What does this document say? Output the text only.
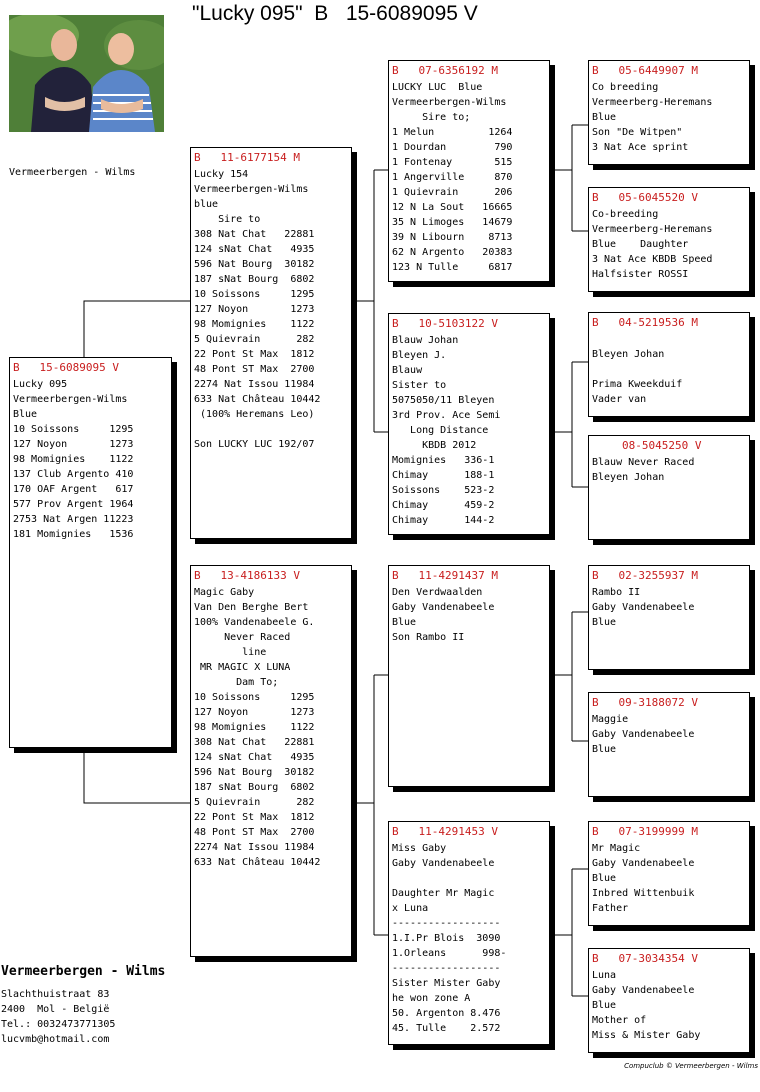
"Lucky 095"  B   15-6089095 V
Vermeerbergen - Wilms
B   15-6089095 V
Lucky 095
Vermeerbergen-Wilms
Blue
10 Soissons     1295
127 Noyon       1273
98 Momignies    1122
137 Club Argento 410
170 OAF Argent   617
577 Prov Argent 1964
2753 Nat Argen 11223
181 Momignies   1536
B   11-6177154 M
Lucky 154
Vermeerbergen-Wilms
blue
Sire to
308 Nat Chat   22881
124 sNat Chat   4935
596 Nat Bourg  30182
187 sNat Bourg  6802
10 Soissons     1295
127 Noyon       1273
98 Momignies    1122
5 Quievrain      282
22 Pont St Max  1812
48 Pont ST Max  2700
2274 Nat Issou 11984
633 Nat Château 10442
(100% Heremans Leo)

Son LUCKY LUC 192/07
B   13-4186133 V
Magic Gaby
Van Den Berghe Bert
100% Vandenabeele G.
Never Raced
line
MR MAGIC X LUNA
Dam To;
10 Soissons     1295
127 Noyon       1273
98 Momignies    1122
308 Nat Chat   22881
124 sNat Chat   4935
596 Nat Bourg  30182
187 sNat Bourg  6802
5 Quievrain      282
22 Pont St Max  1812
48 Pont ST Max  2700
2274 Nat Issou 11984
633 Nat Château 10442
B   07-6356192 M
LUCKY LUC  Blue
Vermeerbergen-Wilms
Sire to;
1 Melun         1264
1 Dourdan        790
1 Fontenay       515
1 Angerville     870
1 Quievrain      206
12 N La Sout   16665
35 N Limoges   14679
39 N Libourn    8713
62 N Argento   20383
123 N Tulle     6817
B   10-5103122 V
Blauw Johan
Bleyen J.
Blauw
Sister to
5075050/11 Bleyen
3rd Prov. Ace Semi
Long Distance
KBDB 2012
Momignies   336-1
Chimay      188-1
Soissons    523-2
Chimay      459-2
Chimay      144-2
B   11-4291437 M
Den Verdwaalden
Gaby Vandenabeele
Blue
Son Rambo II
B   11-4291453 V
Miss Gaby
Gaby Vandenabeele

Daughter Mr Magic
x Luna
------------------
1.I.Pr Blois  3090
1.Orleans      998-
------------------
Sister Mister Gaby
he won zone A
50. Argenton 8.476
45. Tulle    2.572
B   05-6449907 M
Co breeding
Vermeerberg-Heremans
Blue
Son "De Witpen"
3 Nat Ace sprint
B   05-6045520 V
Co-breeding
Vermeerberg-Heremans
Blue    Daughter
3 Nat Ace KBDB Speed
Halfsister ROSSI
B   04-5219536 M

Bleyen Johan

Prima Kweekduif
Vader van
08-5045250 V
Blauw Never Raced
Bleyen Johan
B   02-3255937 M
Rambo II
Gaby Vandenabeele
Blue
B   09-3188072 V
Maggie
Gaby Vandenabeele
Blue
B   07-3199999 M
Mr Magic
Gaby Vandenabeele
Blue
Inbred Wittenbuik
Father
B   07-3034354 V
Luna
Gaby Vandenabeele
Blue
Mother of
Miss & Mister Gaby
Vermeerbergen - Wilms
Slachthuistraat 83
2400  Mol - België
Tel.: 0032473771305
lucvmb@hotmail.com
Compuclub © Vermeerbergen - Wilms
